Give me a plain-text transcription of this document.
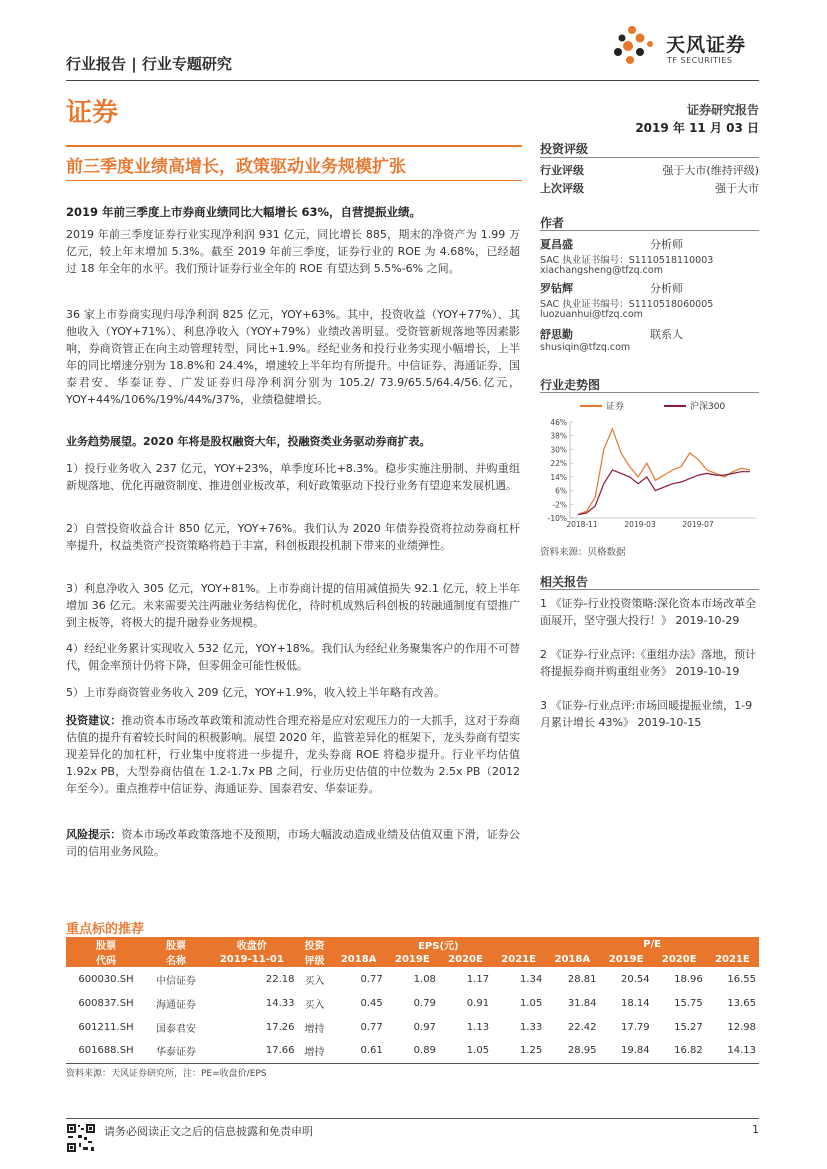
行业报告 | 行业专题研究
天风证券
TF SECURITIES
证券	证券研究报告
2019 年 11 月 03 日
前三季度业绩高增长，政策驱动业务规模扩张
2019 年前三季度上市券商业绩同比大幅增长 63%，自营提振业绩。
2019 年前三季度证券行业实现净利润 931 亿元，同比增长 885，期末的净资产为 1.99 万亿元，较上年末增加 5.3%。截至 2019 年前三季度，证券行业的 ROE 为 4.68%，已经超过 18 年全年的水平。我们预计证券行业全年的 ROE 有望达到 5.5%-6% 之间。
36 家上市券商实现归母净利润 825 亿元，YOY+63%。其中，投资收益（YOY+77%）、其他收入（YOY+71%）、利息净收入（YOY+79%）业绩改善明显。受资管新规落地等因素影响，券商资管正在向主动管理转型，同比+1.9%。经纪业务和投行业务实现小幅增长，上半年的同比增速分别为 18.8%和 24.4%，增速较上半年均有所提升。中信证券、海通证券、国泰君安、华泰证券、广发证券归母净利润分别为 105.2/ 73.9/65.5/64.4/56.亿元，YOY+44%/106%/19%/44%/37%，业绩稳健增长。
业务趋势展望。2020 年将是股权融资大年，投融资类业务驱动券商扩表。
1）投行业务收入 237 亿元，YOY+23%，单季度环比+8.3%。稳步实施注册制、并购重组新规落地、优化再融资制度、推进创业板改革，利好政策驱动下投行业务有望迎来发展机遇。
2）自营投资收益合计 850 亿元，YOY+76%。我们认为 2020 年债券投资将拉动券商杠杆率提升，权益类资产投资策略将趋于丰富，科创板跟投机制下带来的业绩弹性。
3）利息净收入 305 亿元，YOY+81%。上市券商计提的信用减值损失 92.1 亿元，较上半年增加 36 亿元。未来需要关注两融业务结构优化，待时机成熟后科创板的转融通制度有望推广到主板等，将极大的提升融券业务规模。
4）经纪业务累计实现收入 532 亿元，YOY+18%。我们认为经纪业务聚集客户的作用不可替代，佣金率预计仍将下降，但零佣金可能性极低。
5）上市券商资管业务收入 209 亿元，YOY+1.9%，收入较上半年略有改善。
投资建议：推动资本市场改革政策和流动性合理充裕是应对宏观压力的一大抓手，这对于券商估值的提升有着较长时间的积极影响。展望 2020 年，监管差异化的框架下，龙头券商有望实现差异化的加杠杆，行业集中度将进一步提升，龙头券商 ROE 将稳步提升。行业平均估值 1.92x PB，大型券商估值在 1.2-1.7x PB 之间，行业历史估值的中位数为 2.5x PB（2012 年至今）。重点推荐中信证券、海通证券、国泰君安、华泰证券。
风险提示：资本市场改革政策落地不及预期，市场大幅波动造成业绩及估值双重下滑，证券公司的信用业务风险。
投资评级
行业评级	强于大市(维持评级)
上次评级	强于大市
作者
夏昌盛	分析师
SAC 执业证书编号：S1110518110003
xiachangsheng@tfzq.com
罗钻辉	分析师
SAC 执业证书编号：S1110518060005
luozuanhui@tfzq.com
舒思勤	联系人
shusiqin@tfzq.com
行业走势图
证券	沪深300
46%
38%
30%
22%
14%
6%
-2%
-10%
2018-11	2019-03	2019-07
资料来源：贝格数据
相关报告
1 《证券-行业投资策略:深化资本市场改革全面展开，坚守强大投行！》 2019-10-29
2 《证券-行业点评:《重组办法》落地，预计将提振券商并购重组业务》 2019-10-19
3 《证券-行业点评:市场回暖提振业绩，1-9 月累计增长 43%》 2019-10-15
重点标的推荐
股票	股票	收盘价	投资	EPS(元)				P/E			
代码	名称	2019-11-01	评级	2018A	2019E	2020E	2021E	2018A	2019E	2020E	2021E
600030.SH	中信证券	22.18	买入	0.77	1.08	1.17	1.34	28.81	20.54	18.96	16.55
600837.SH	海通证券	14.33	买入	0.45	0.79	0.91	1.05	31.84	18.14	15.75	13.65
601211.SH	国泰君安	17.26	增持	0.77	0.97	1.13	1.33	22.42	17.79	15.27	12.98
601688.SH	华泰证券	17.66	增持	0.61	0.89	1.05	1.25	28.95	19.84	16.82	14.13
资料来源：天风证券研究所，注：PE=收盘价/EPS
请务必阅读正文之后的信息披露和免责申明	1
